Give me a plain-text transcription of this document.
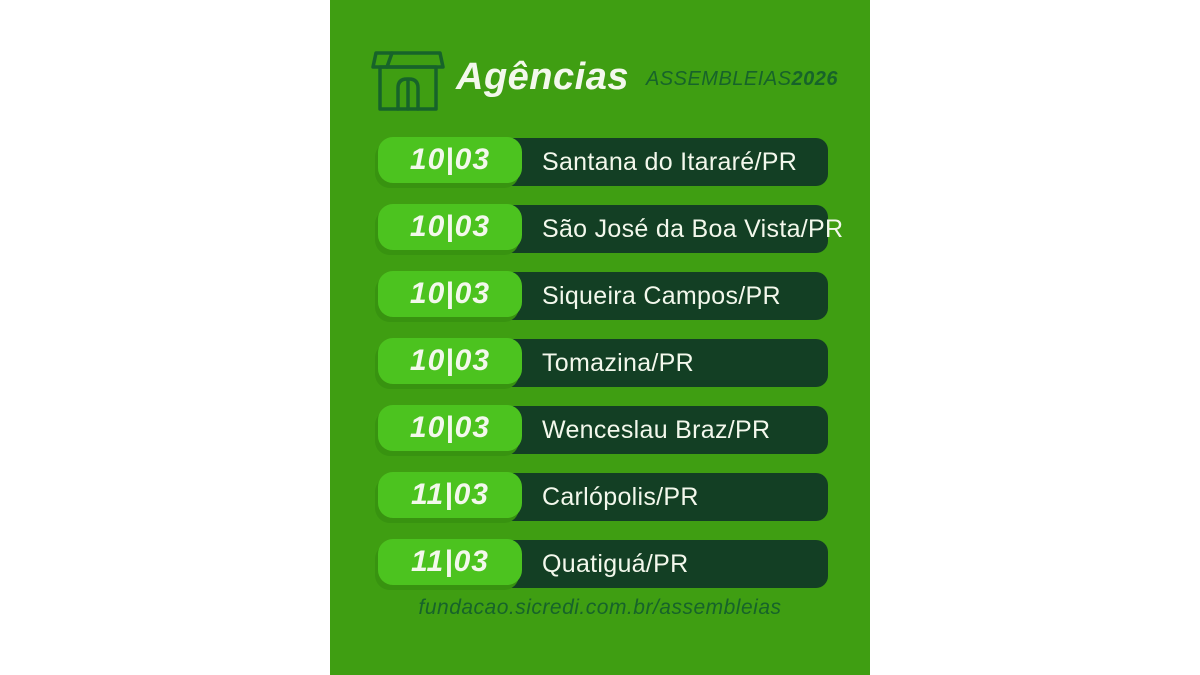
Agências ASSEMBLEIAS2026
Santana do Itararé/PR
10|03
São José da Boa Vista/PR
10|03
Siqueira Campos/PR
10|03
Tomazina/PR
10|03
Wenceslau Braz/PR
10|03
Carlópolis/PR
11|03
Quatiguá/PR
11|03
fundacao.sicredi.com.br/assembleias
